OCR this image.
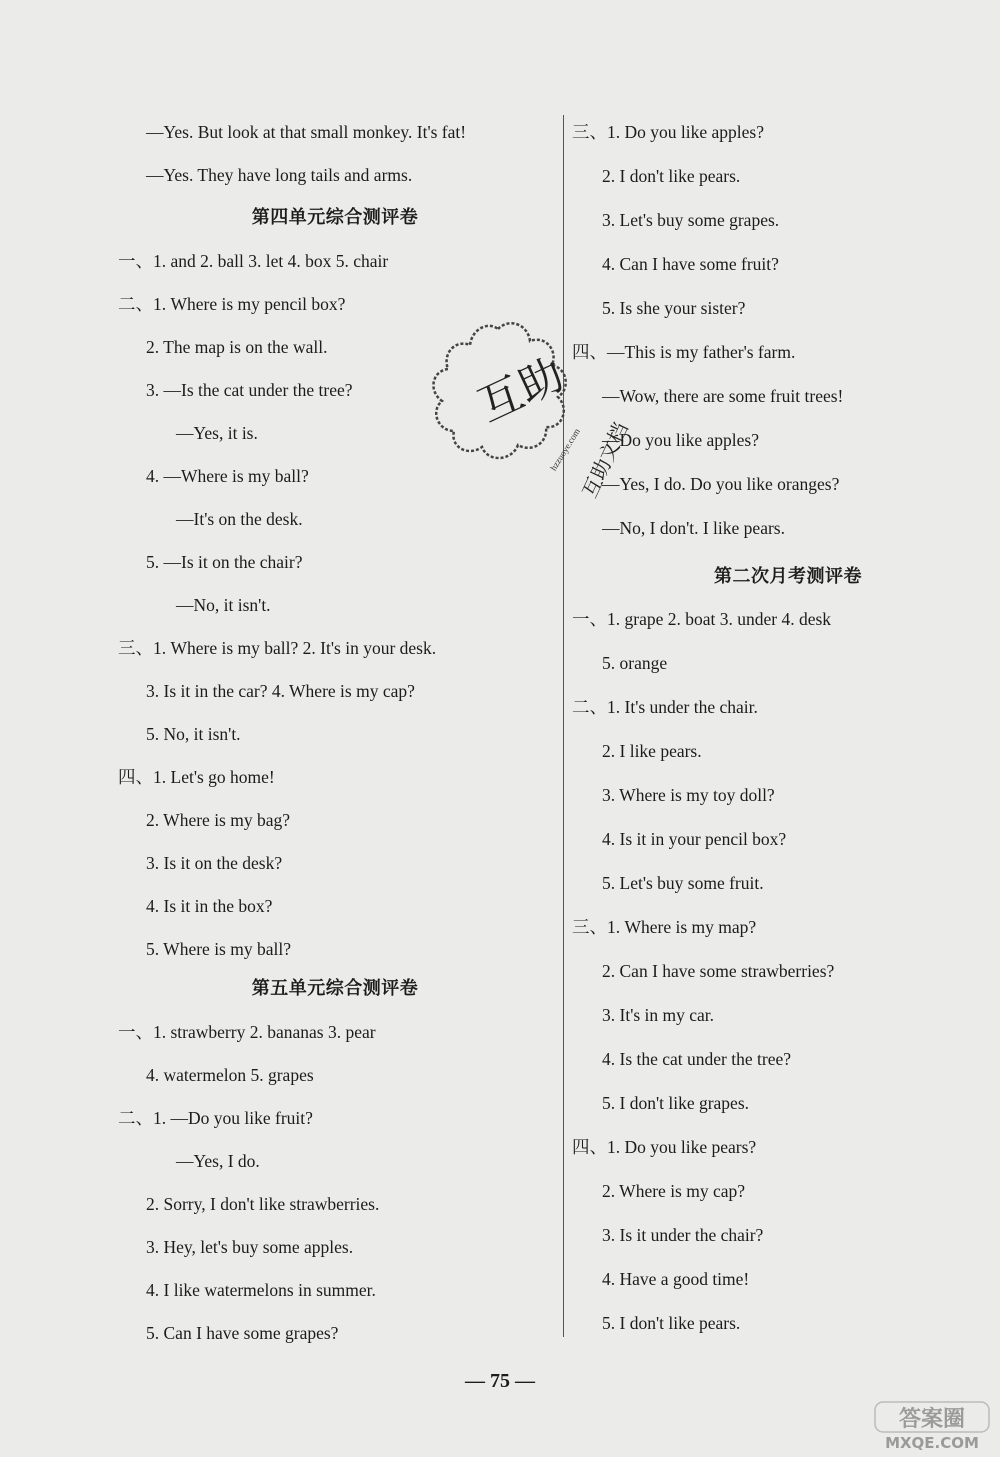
—Yes. But look at that small monkey. It's fat!
—Yes. They have long tails and arms.
第四单元综合测评卷
一、1. and 2. ball 3. let 4. box 5. chair
二、1. Where is my pencil box?
2. The map is on the wall.
3. —Is the cat under the tree?
—Yes, it is.
4. —Where is my ball?
—It's on the desk.
5. —Is it on the chair?
—No, it isn't.
三、1. Where is my ball? 2. It's in your desk.
3. Is it in the car? 4. Where is my cap?
5. No, it isn't.
四、1. Let's go home!
2. Where is my bag?
3. Is it on the desk?
4. Is it in the box?
5. Where is my ball?
第五单元综合测评卷
一、1. strawberry 2. bananas 3. pear
4. watermelon 5. grapes
二、1. —Do you like fruit?
—Yes, I do.
2. Sorry, I don't like strawberries.
3. Hey, let's buy some apples.
4. I like watermelons in summer.
5. Can I have some grapes?
三、1. Do you like apples?
2. I don't like pears.
3. Let's buy some grapes.
4. Can I have some fruit?
5. Is she your sister?
四、—This is my father's farm.
—Wow, there are some fruit trees!
—Do you like apples?
—Yes, I do. Do you like oranges?
—No, I don't. I like pears.
第二次月考测评卷
一、1. grape 2. boat 3. under 4. desk
5. orange
二、1. It's under the chair.
2. I like pears.
3. Where is my toy doll?
4. Is it in your pencil box?
5. Let's buy some fruit.
三、1. Where is my map?
2. Can I have some strawberries?
3. It's in my car.
4. Is the cat under the tree?
5. I don't like grapes.
四、1. Do you like pears?
2. Where is my cap?
3. Is it under the chair?
4. Have a good time!
5. I don't like pears.
互助
hzzuoye.com
互助文档
— 75 —
答案圈
MXQE.COM
